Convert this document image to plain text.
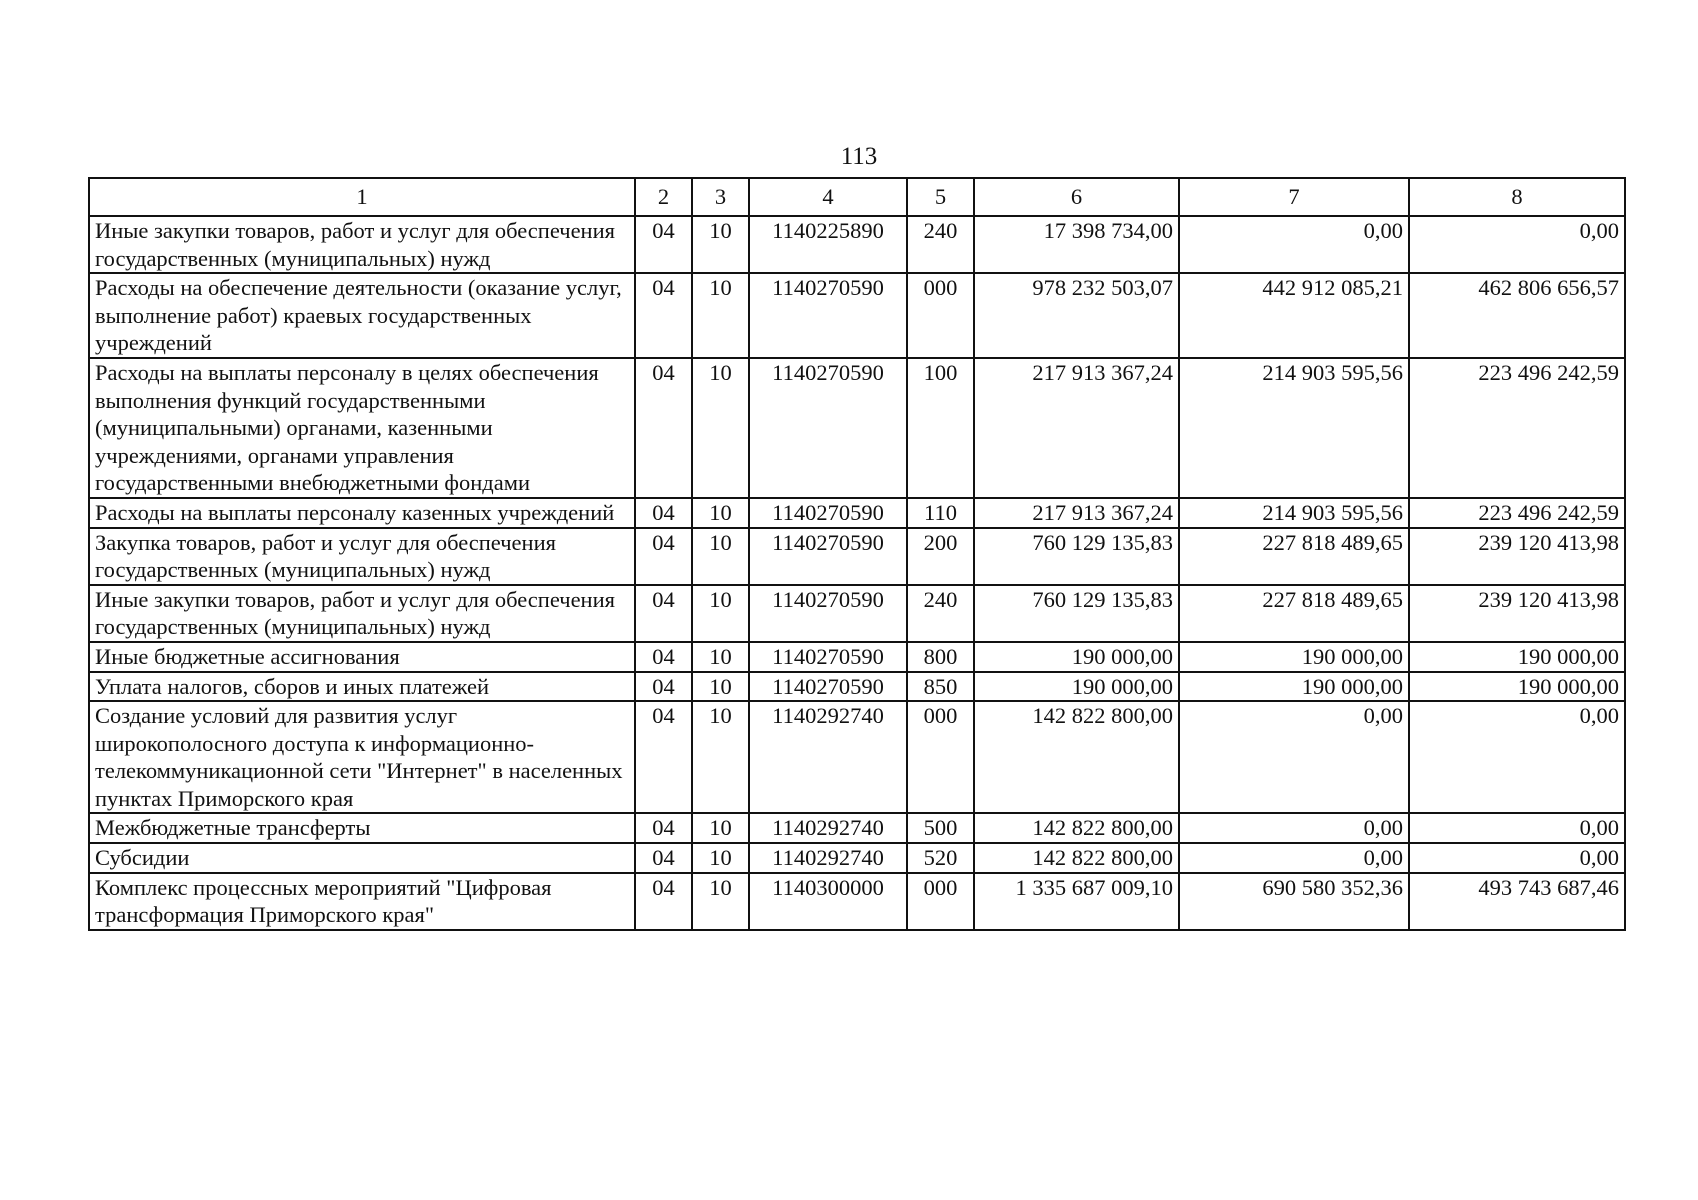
113
1	2	3	4	5	6	7	8
Иные закупки товаров, работ и услуг для обеспечения государственных (муниципальных) нужд	04	10	1140225890	240	17 398 734,00	0,00	0,00
Расходы на обеспечение деятельности (оказание услуг, выполнение работ) краевых государственных учреждений	04	10	1140270590	000	978 232 503,07	442 912 085,21	462 806 656,57
Расходы на выплаты персоналу в целях обеспечения выполнения функций государственными (муниципальными) органами, казенными учреждениями, органами управления государственными внебюджетными фондами	04	10	1140270590	100	217 913 367,24	214 903 595,56	223 496 242,59
Расходы на выплаты персоналу казенных учреждений	04	10	1140270590	110	217 913 367,24	214 903 595,56	223 496 242,59
Закупка товаров, работ и услуг для обеспечения государственных (муниципальных) нужд	04	10	1140270590	200	760 129 135,83	227 818 489,65	239 120 413,98
Иные закупки товаров, работ и услуг для обеспечения государственных (муниципальных) нужд	04	10	1140270590	240	760 129 135,83	227 818 489,65	239 120 413,98
Иные бюджетные ассигнования	04	10	1140270590	800	190 000,00	190 000,00	190 000,00
Уплата налогов, сборов и иных платежей	04	10	1140270590	850	190 000,00	190 000,00	190 000,00
Создание условий для развития услуг широкополосного доступа к информационно-телекоммуникационной сети "Интернет" в населенных пунктах Приморского края	04	10	1140292740	000	142 822 800,00	0,00	0,00
Межбюджетные трансферты	04	10	1140292740	500	142 822 800,00	0,00	0,00
Субсидии	04	10	1140292740	520	142 822 800,00	0,00	0,00
Комплекс процессных мероприятий "Цифровая трансформация Приморского края"	04	10	1140300000	000	1 335 687 009,10	690 580 352,36	493 743 687,46
